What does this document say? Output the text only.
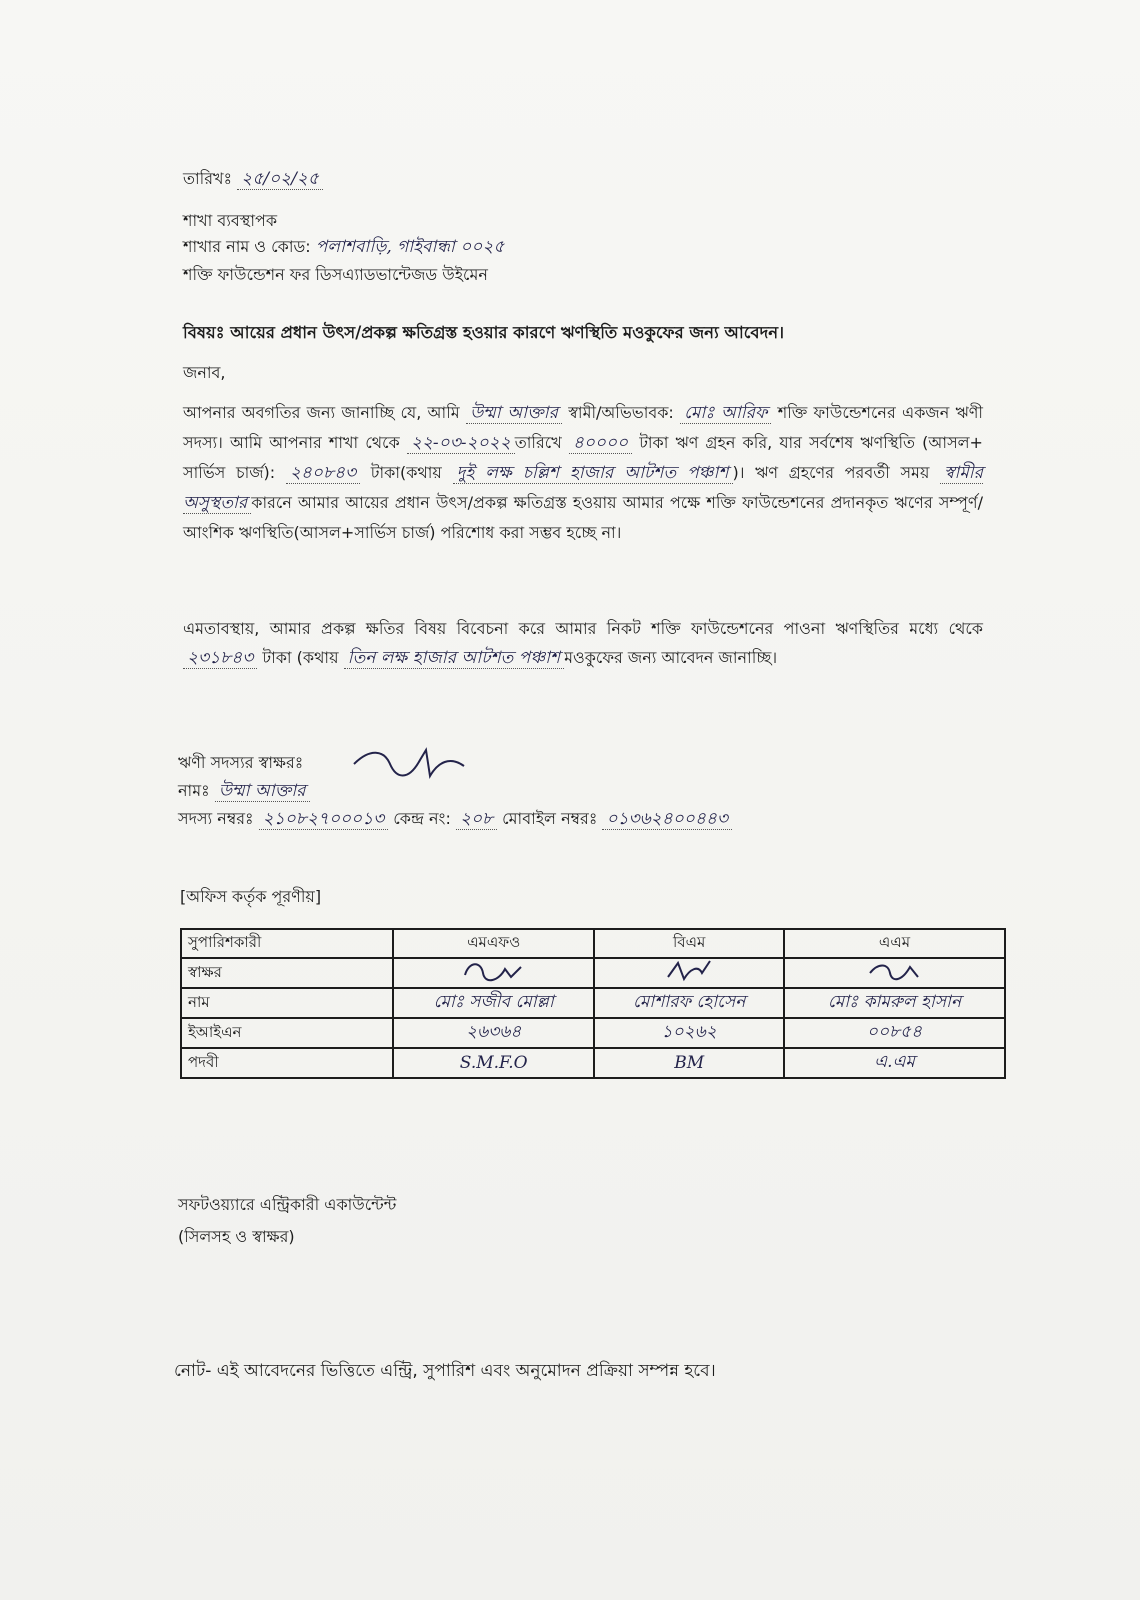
তারিখঃ ২৫/০২/২৫
শাখা ব্যবস্থাপক
শাখার নাম ও কোড: পলাশবাড়ি, গাইবান্ধা ০০২৫
শক্তি ফাউন্ডেশন ফর ডিসএ্যাডভান্টেজড উইমেন
বিষয়ঃ আয়ের প্রধান উৎস/প্রকল্প ক্ষতিগ্রস্ত হওয়ার কারণে ঋণস্থিতি মওকুফের জন্য আবেদন।
জনাব,
আপনার অবগতির জন্য জানাচ্ছি যে, আমি উম্মা আক্তার স্বামী/অভিভাবক: মোঃ আরিফ শক্তি ফাউন্ডেশনের একজন ঋণী সদস্য। আমি আপনার শাখা থেকে ২২-০৩-২০২২ তারিখে ৪০০০০ টাকা ঋণ গ্রহন করি, যার সর্বশেষ ঋণস্থিতি (আসল+ সার্ভিস চার্জ): ২৪০৮৪৩ টাকা(কথায় দুই লক্ষ চল্লিশ হাজার আটশত পঞ্চাশ )। ঋণ গ্রহণের পরবর্তী সময় স্বামীর অসুস্থতার কারনে আমার আয়ের প্রধান উৎস/প্রকল্প ক্ষতিগ্রস্ত হওয়ায় আমার পক্ষে শক্তি ফাউন্ডেশনের প্রদানকৃত ঋণের সম্পূর্ণ/আংশিক ঋণস্থিতি(আসল+সার্ভিস চার্জ) পরিশোধ করা সম্ভব হচ্ছে না।
এমতাবস্থায়, আমার প্রকল্প ক্ষতির বিষয় বিবেচনা করে আমার নিকট শক্তি ফাউন্ডেশনের পাওনা ঋণস্থিতির মধ্যে থেকে ২৩১৮৪৩ টাকা (কথায় তিন লক্ষ হাজার আটশত পঞ্চাশ মওকুফের জন্য আবেদন জানাচ্ছি।
ঋণী সদস্যর স্বাক্ষরঃ
নামঃ উম্মা আক্তার
সদস্য নম্বরঃ ২১০৮২৭০০০১৩ কেন্দ্র নং: ২০৮ মোবাইল নম্বরঃ ০১৩৬২৪০০৪৪৩
[অফিস কর্তৃক পূরণীয়]
সুপারিশকারী	এমএফও	বিএম	এএম
স্বাক্ষর			
নাম	মোঃ সজীব মোল্লা	মোশারফ হোসেন	মোঃ কামরুল হাসান
ইআইএন	২৬৩৬৪	১০২৬২	০০৮৫৪
পদবী	S.M.F.O	BM	এ.এম
সফটওয়্যারে এন্ট্রিকারী একাউন্টেন্ট
(সিলসহ ও স্বাক্ষর)
নোট- এই আবেদনের ভিত্তিতে এন্ট্রি, সুপারিশ এবং অনুমোদন প্রক্রিয়া সম্পন্ন হবে।
